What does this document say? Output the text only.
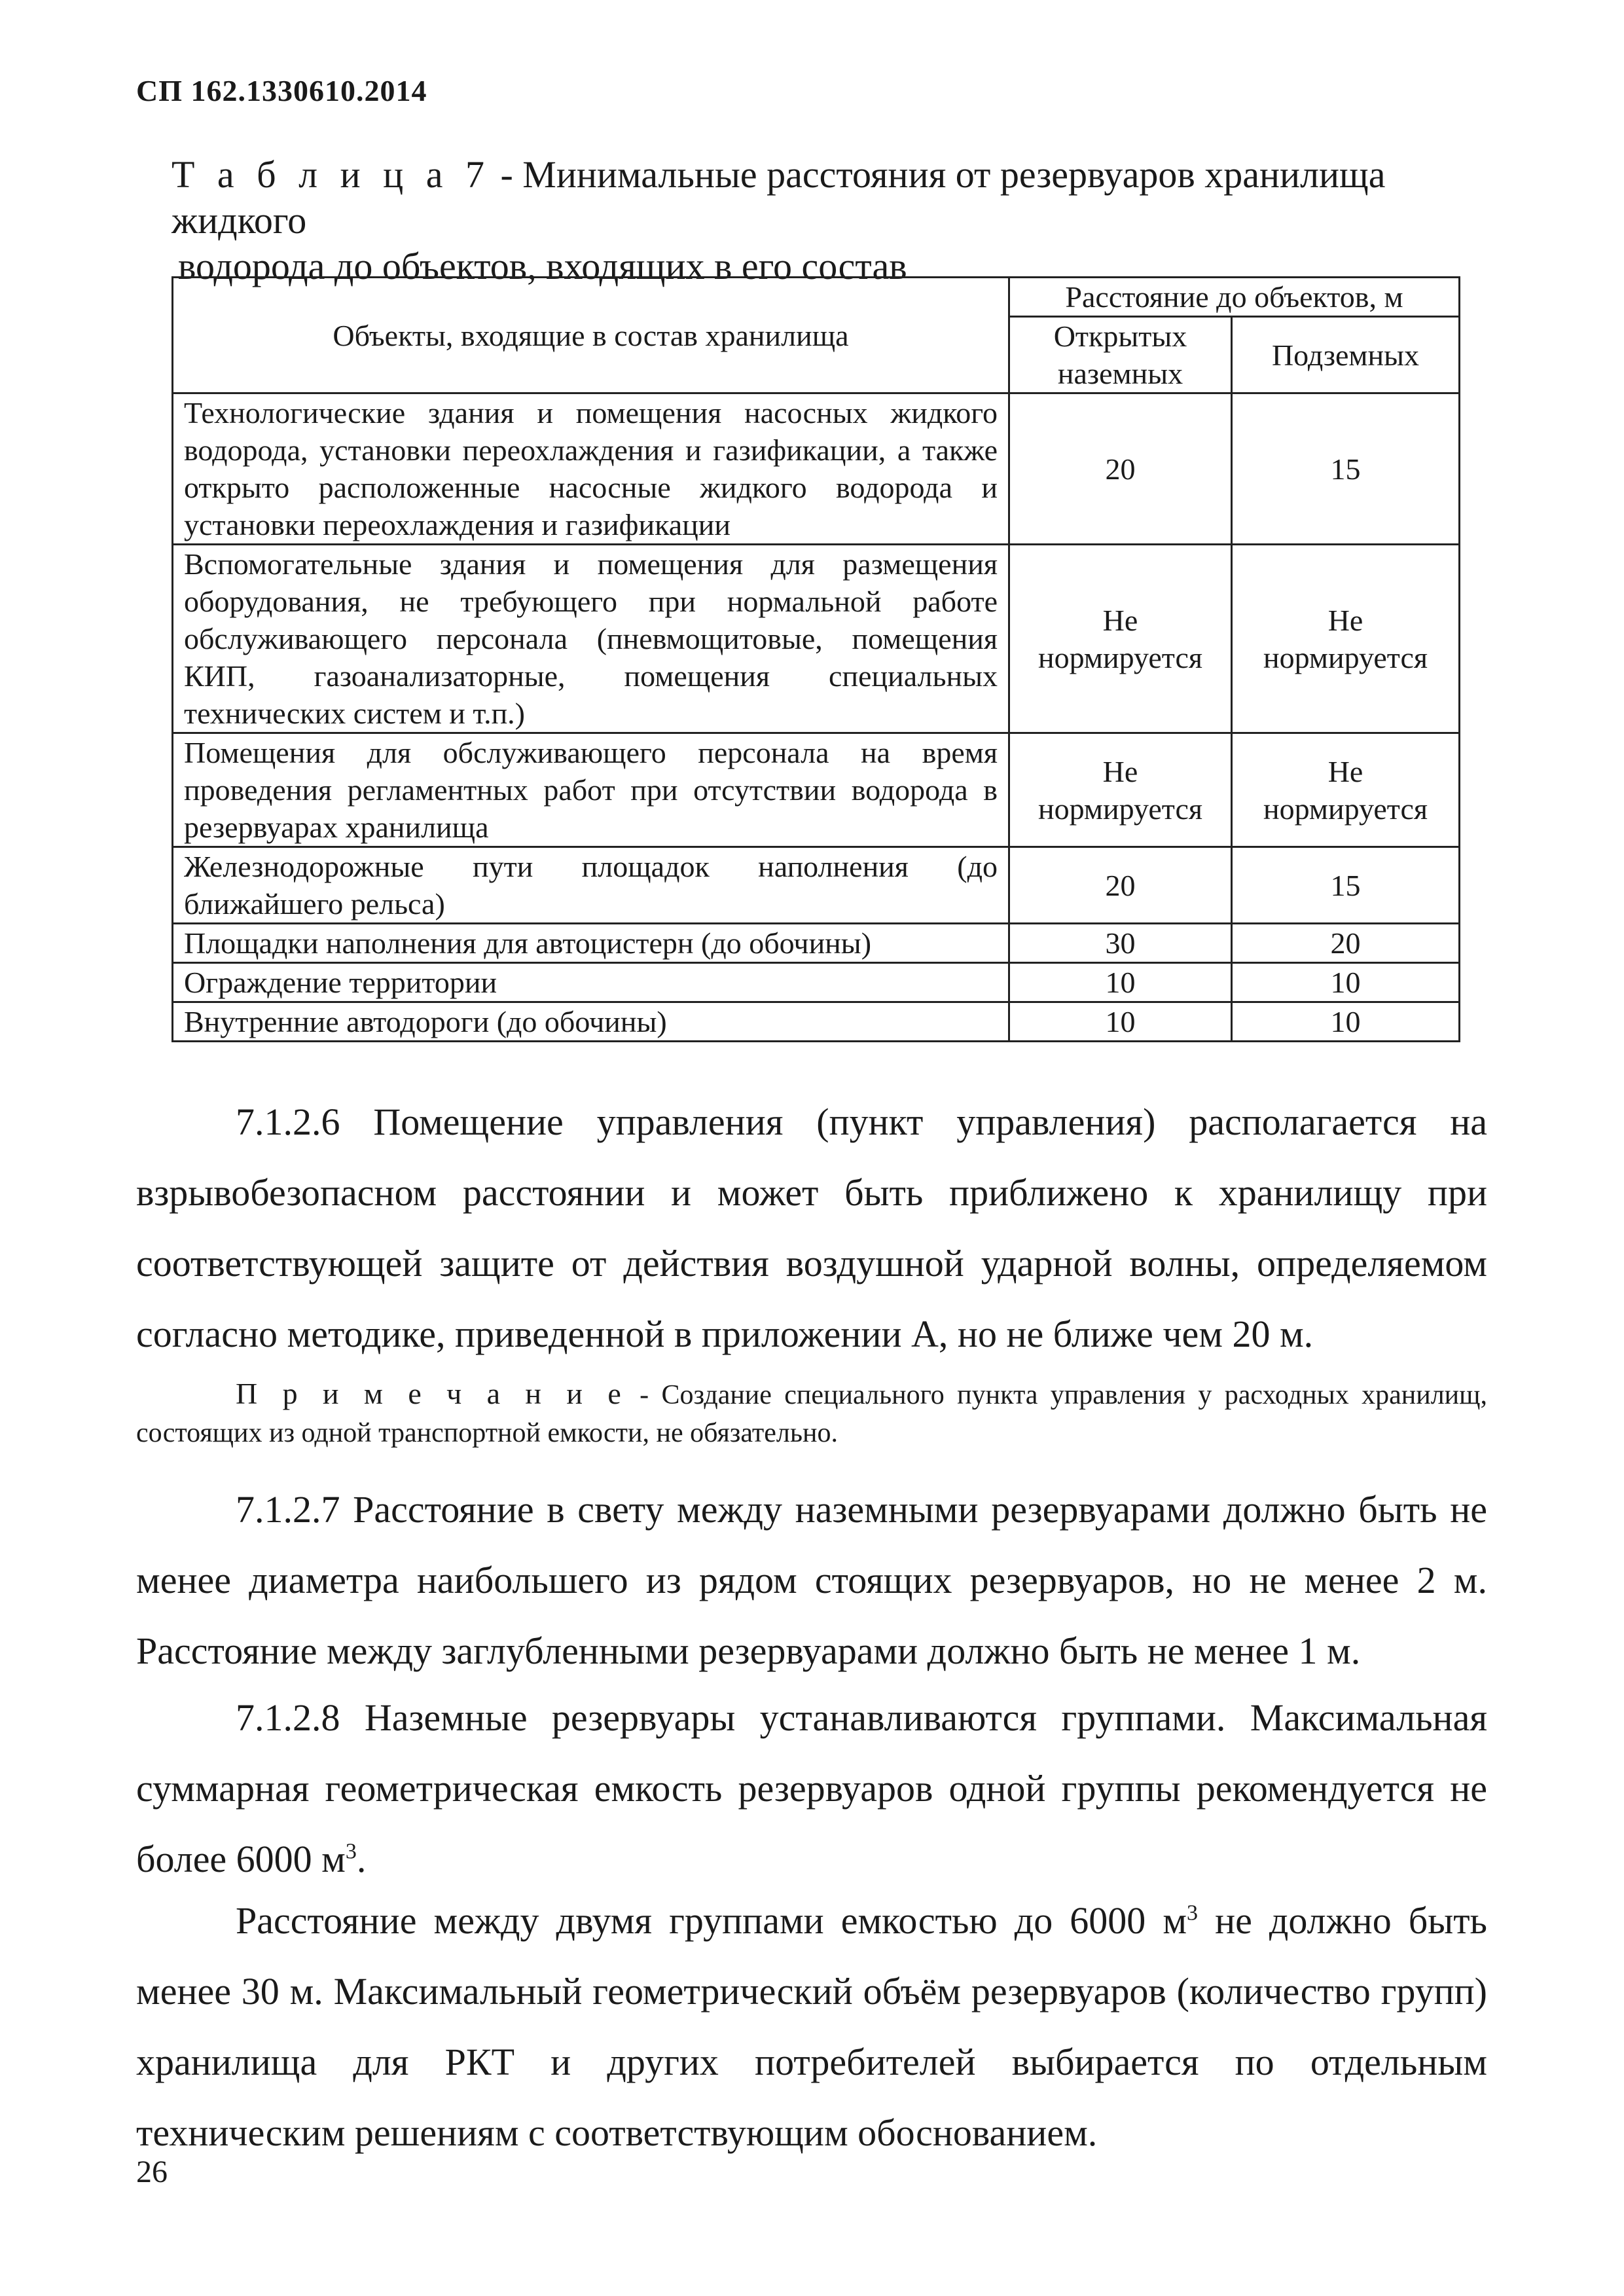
СП 162.1330610.2014
Т а б л и ц а 7 - Минимальные расстояния от резервуаров хранилища жидкого
водорода до объектов, входящих в его состав
Объекты, входящие в состав хранилища	Расстояние до объектов, м	
	Открытых наземных	Подземных
Технологические здания и помещения насосных жидкого водорода, установки переохлаждения и газификации, а также открыто расположенные насосные жидкого водорода и установки переохлаждения и газификации	20	15
Вспомогательные здания и помещения для размещения оборудования, не требующего при нормальной работе обслуживающего персонала (пневмощитовые, помещения КИП, газоанализаторные, помещения специальных технических систем и т.п.)	Не нормируется	Не нормируется
Помещения для обслуживающего персонала на время проведения регламентных работ при отсутствии водорода в резервуарах хранилища	Не нормируется	Не нормируется
Железнодорожные пути площадок наполнения (до ближайшего рельса)	20	15
Площадки наполнения для автоцистерн (до обочины)	30	20
Ограждение территории	10	10
Внутренние автодороги (до обочины)	10	10
7.1.2.6 Помещение управления (пункт управления) располагается на взрывобезопасном расстоянии и может быть приближено к хранилищу при соответствующей защите от действия воздушной ударной волны, определяемом согласно методике, приведенной в приложении А, но не ближе чем 20 м.
П р и м е ч а н и е - Создание специального пункта управления у расходных хранилищ, состоящих из одной транспортной емкости, не обязательно.
7.1.2.7 Расстояние в свету между наземными резервуарами должно быть не менее диаметра наибольшего из рядом стоящих резервуаров, но не менее 2 м. Расстояние между заглубленными резервуарами должно быть не менее 1 м.
7.1.2.8 Наземные резервуары устанавливаются группами. Максимальная суммарная геометрическая емкость резервуаров одной группы рекомендуется не более 6000 $м^3$.
Расстояние между двумя группами емкостью до 6000 $м^3$ не должно быть менее 30 м. Максимальный геометрический объём резервуаров (количество групп) хранилища для РКТ и других потребителей выбирается по отдельным техническим решениям с соответствующим обоснованием.
26
